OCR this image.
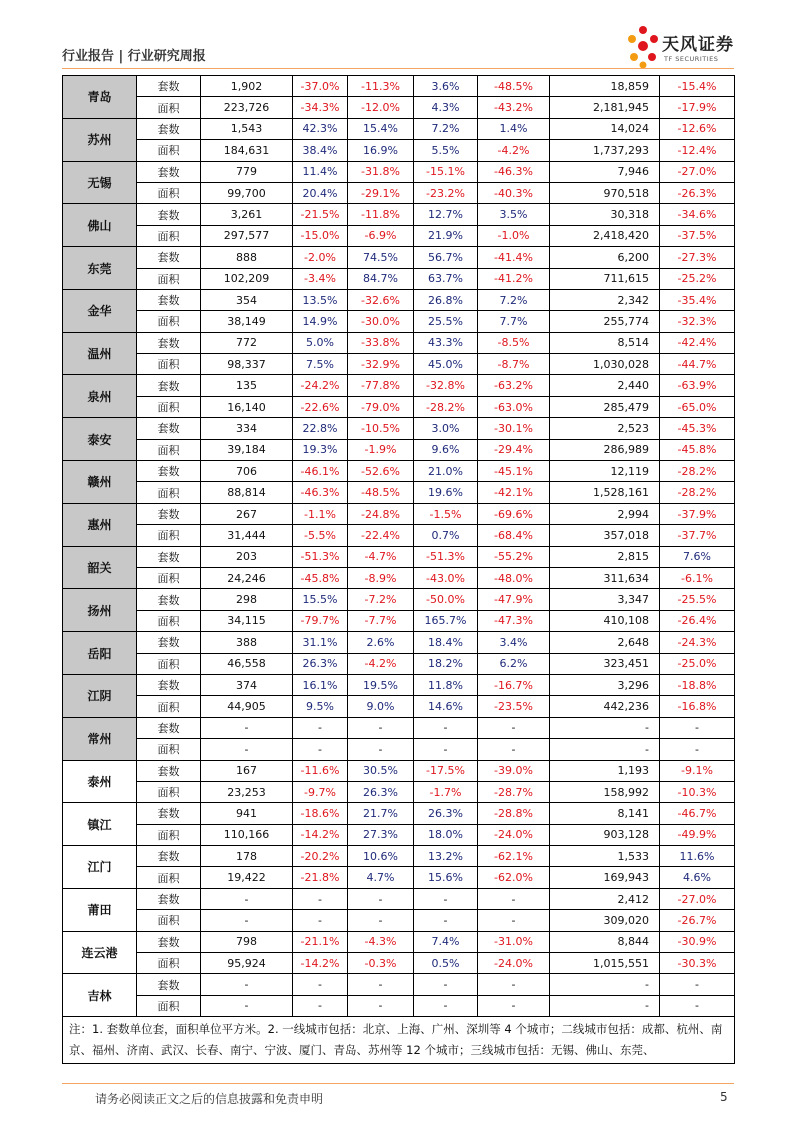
行业报告 | 行业研究周报
天风证券
TF SECURITIES
青岛	套数	1,902	-37.0%	-11.3%	3.6%	-48.5%	18,859	-15.4%
	面积	223,726	-34.3%	-12.0%	4.3%	-43.2%	2,181,945	-17.9%
苏州	套数	1,543	42.3%	15.4%	7.2%	1.4%	14,024	-12.6%
	面积	184,631	38.4%	16.9%	5.5%	-4.2%	1,737,293	-12.4%
无锡	套数	779	11.4%	-31.8%	-15.1%	-46.3%	7,946	-27.0%
	面积	99,700	20.4%	-29.1%	-23.2%	-40.3%	970,518	-26.3%
佛山	套数	3,261	-21.5%	-11.8%	12.7%	3.5%	30,318	-34.6%
	面积	297,577	-15.0%	-6.9%	21.9%	-1.0%	2,418,420	-37.5%
东莞	套数	888	-2.0%	74.5%	56.7%	-41.4%	6,200	-27.3%
	面积	102,209	-3.4%	84.7%	63.7%	-41.2%	711,615	-25.2%
金华	套数	354	13.5%	-32.6%	26.8%	7.2%	2,342	-35.4%
	面积	38,149	14.9%	-30.0%	25.5%	7.7%	255,774	-32.3%
温州	套数	772	5.0%	-33.8%	43.3%	-8.5%	8,514	-42.4%
	面积	98,337	7.5%	-32.9%	45.0%	-8.7%	1,030,028	-44.7%
泉州	套数	135	-24.2%	-77.8%	-32.8%	-63.2%	2,440	-63.9%
	面积	16,140	-22.6%	-79.0%	-28.2%	-63.0%	285,479	-65.0%
泰安	套数	334	22.8%	-10.5%	3.0%	-30.1%	2,523	-45.3%
	面积	39,184	19.3%	-1.9%	9.6%	-29.4%	286,989	-45.8%
赣州	套数	706	-46.1%	-52.6%	21.0%	-45.1%	12,119	-28.2%
	面积	88,814	-46.3%	-48.5%	19.6%	-42.1%	1,528,161	-28.2%
惠州	套数	267	-1.1%	-24.8%	-1.5%	-69.6%	2,994	-37.9%
	面积	31,444	-5.5%	-22.4%	0.7%	-68.4%	357,018	-37.7%
韶关	套数	203	-51.3%	-4.7%	-51.3%	-55.2%	2,815	7.6%
	面积	24,246	-45.8%	-8.9%	-43.0%	-48.0%	311,634	-6.1%
扬州	套数	298	15.5%	-7.2%	-50.0%	-47.9%	3,347	-25.5%
	面积	34,115	-79.7%	-7.7%	165.7%	-47.3%	410,108	-26.4%
岳阳	套数	388	31.1%	2.6%	18.4%	3.4%	2,648	-24.3%
	面积	46,558	26.3%	-4.2%	18.2%	6.2%	323,451	-25.0%
江阴	套数	374	16.1%	19.5%	11.8%	-16.7%	3,296	-18.8%
	面积	44,905	9.5%	9.0%	14.6%	-23.5%	442,236	-16.8%
常州	套数	-	-	-	-	-	-	-
	面积	-	-	-	-	-	-	-
泰州	套数	167	-11.6%	30.5%	-17.5%	-39.0%	1,193	-9.1%
	面积	23,253	-9.7%	26.3%	-1.7%	-28.7%	158,992	-10.3%
镇江	套数	941	-18.6%	21.7%	26.3%	-28.8%	8,141	-46.7%
	面积	110,166	-14.2%	27.3%	18.0%	-24.0%	903,128	-49.9%
江门	套数	178	-20.2%	10.6%	13.2%	-62.1%	1,533	11.6%
	面积	19,422	-21.8%	4.7%	15.6%	-62.0%	169,943	4.6%
莆田	套数	-	-	-	-	-	2,412	-27.0%
	面积	-	-	-	-	-	309,020	-26.7%
连云港	套数	798	-21.1%	-4.3%	7.4%	-31.0%	8,844	-30.9%
	面积	95,924	-14.2%	-0.3%	0.5%	-24.0%	1,015,551	-30.3%
吉林	套数	-	-	-	-	-	-	-
	面积	-	-	-	-	-	-	-
注：1. 套数单位套，面积单位平方米。2. 一线城市包括：北京、上海、广州、深圳等 4 个城市；二线城市包括：成都、杭州、南京、福州、济南、武汉、长春、南宁、宁波、厦门、青岛、苏州等 12 个城市；三线城市包括：无锡、佛山、东莞、								
请务必阅读正文之后的信息披露和免责申明	5
